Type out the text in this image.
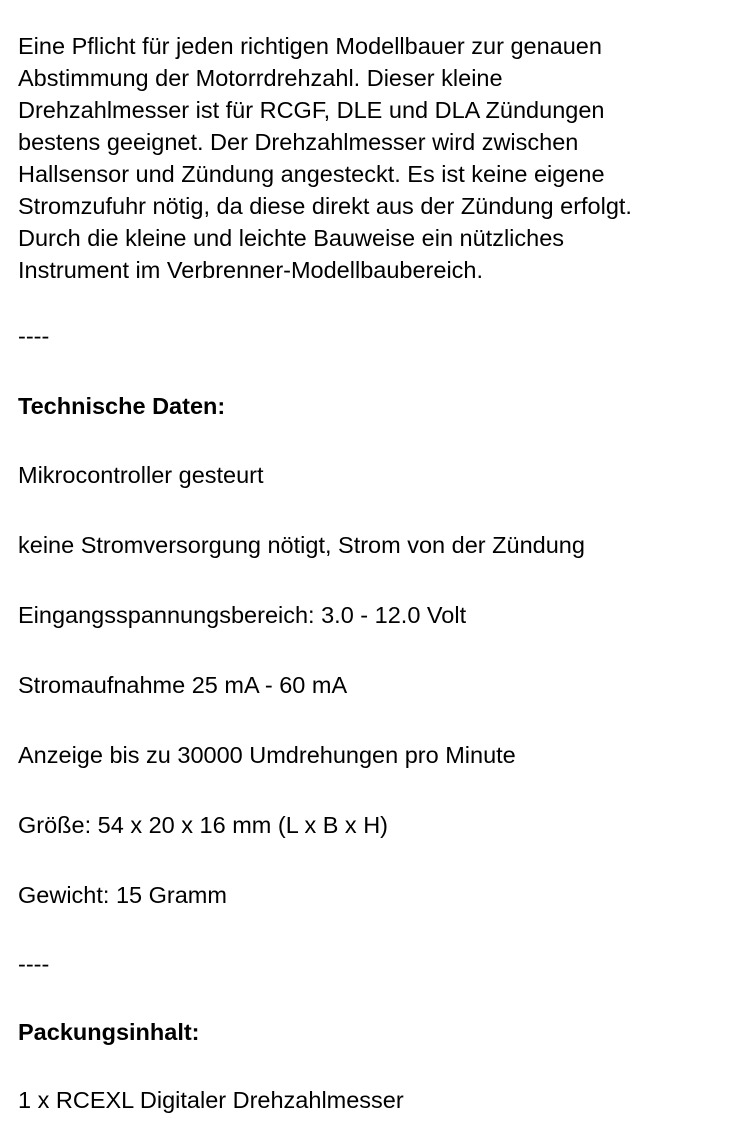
Eine Pflicht für jeden richtigen Modellbauer zur genauen
Abstimmung der Motorrdrehzahl. Dieser kleine
Drehzahlmesser ist für RCGF, DLE und DLA Zündungen
bestens geeignet. Der Drehzahlmesser wird zwischen
Hallsensor und Zündung angesteckt. Es ist keine eigene
Stromzufuhr nötig, da diese direkt aus der Zündung erfolgt.
Durch die kleine und leichte Bauweise ein nützliches
Instrument im Verbrenner-Modellbaubereich.
----
Technische Daten:
Mikrocontroller gesteurt
keine Stromversorgung nötigt, Strom von der Zündung
Eingangsspannungsbereich: 3.0 - 12.0 Volt
Stromaufnahme 25 mA - 60 mA
Anzeige bis zu 30000 Umdrehungen pro Minute
Größe: 54 x 20 x 16 mm (L x B x H)
Gewicht: 15 Gramm
----
Packungsinhalt:
1 x RCEXL Digitaler Drehzahlmesser
